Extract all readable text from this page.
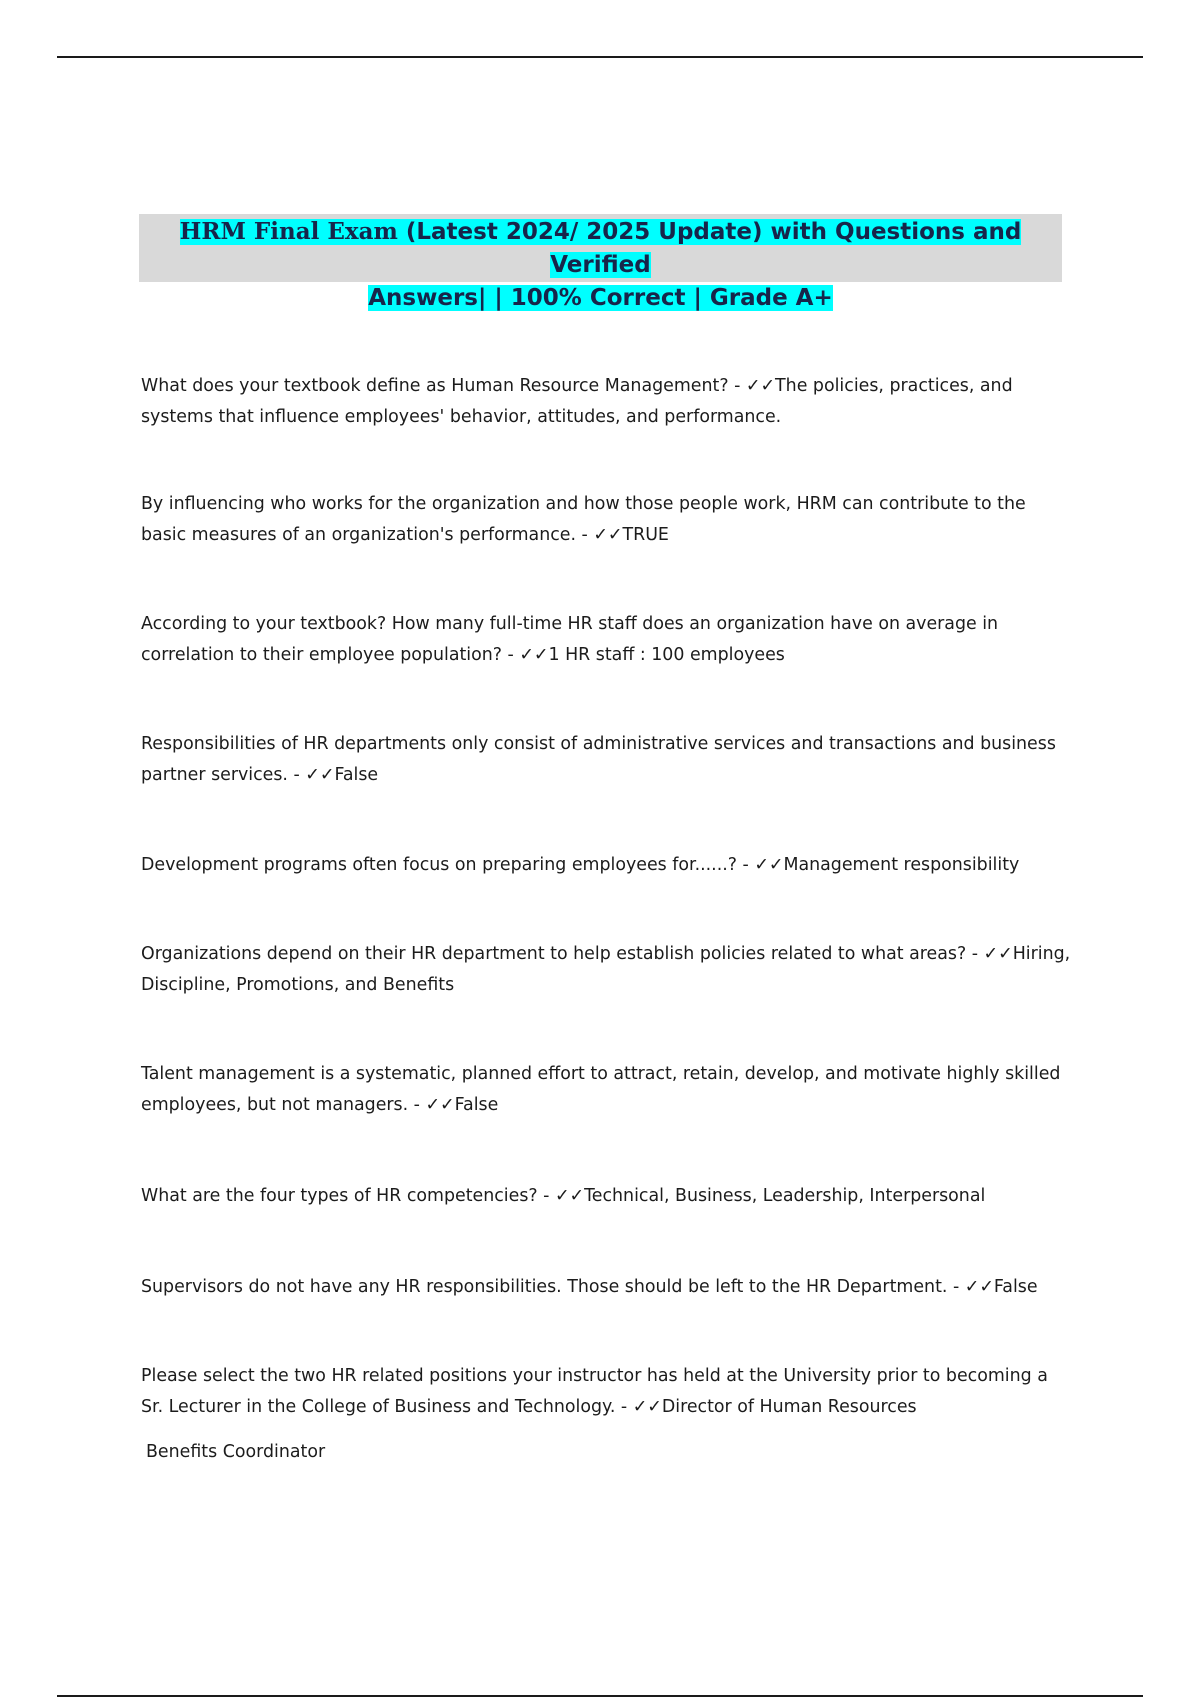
HRM Final Exam (Latest 2024/ 2025 Update) with Questions and Verified
Answers| | 100% Correct | Grade A+

What does your textbook define as Human Resource Management? - ✓✓The policies, practices, and systems that influence employees' behavior, attitudes, and performance.

By influencing who works for the organization and how those people work, HRM can contribute to the basic measures of an organization's performance. - ✓✓TRUE

According to your textbook? How many full-time HR staff does an organization have on average in correlation to their employee population? - ✓✓1 HR staff : 100 employees

Responsibilities of HR departments only consist of administrative services and transactions and business partner services. - ✓✓False

Development programs often focus on preparing employees for......? - ✓✓Management responsibility

Organizations depend on their HR department to help establish policies related to what areas? - ✓✓Hiring, Discipline, Promotions, and Benefits

Talent management is a systematic, planned effort to attract, retain, develop, and motivate highly skilled employees, but not managers. - ✓✓False

What are the four types of HR competencies? - ✓✓Technical, Business, Leadership, Interpersonal

Supervisors do not have any HR responsibilities. Those should be left to the HR Department. - ✓✓False

Please select the two HR related positions your instructor has held at the University prior to becoming a Sr. Lecturer in the College of Business and Technology. - ✓✓Director of Human Resources

Benefits Coordinator
